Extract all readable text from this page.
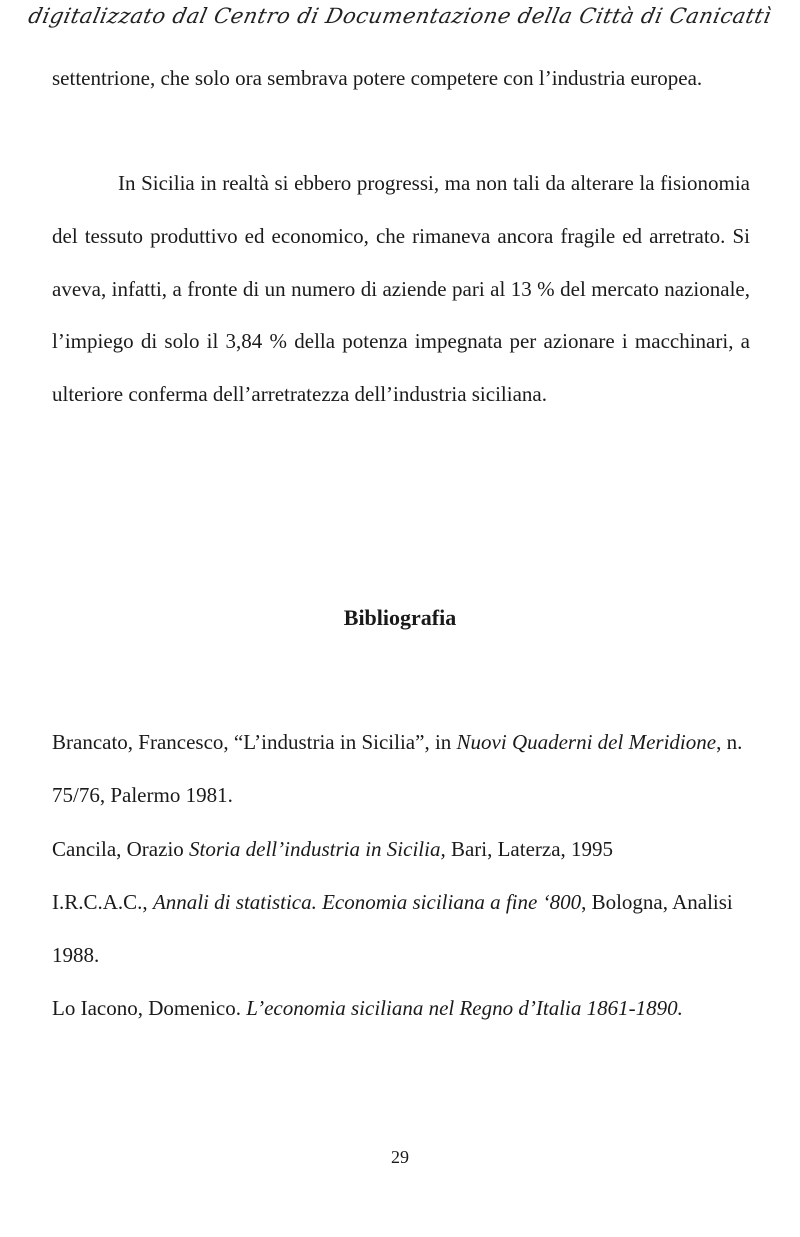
digitalizzato dal Centro di Documentazione della Città di Canicattì

settentrione, che solo ora sembrava potere competere con l’industria europea.

In Sicilia in realtà si ebbero progressi, ma non tali da alterare la fisionomia del tessuto produttivo ed economico, che rimaneva ancora fragile ed arretrato. Si aveva, infatti, a fronte di un numero di aziende pari al 13 % del mercato nazionale, l’impiego di solo il 3,84 % della potenza impegnata per azionare i macchinari, a ulteriore conferma dell’arretratezza dell’industria siciliana.

Bibliografia

Brancato, Francesco, “L’industria in Sicilia”, in Nuovi Quaderni del Meridione, n. 75/76, Palermo 1981.

Cancila, Orazio Storia dell’industria in Sicilia, Bari, Laterza, 1995

I.R.C.A.C., Annali di statistica. Economia siciliana a fine ‘800, Bologna, Analisi 1988.

Lo Iacono, Domenico. L’economia siciliana nel Regno d’Italia 1861-1890.

29
